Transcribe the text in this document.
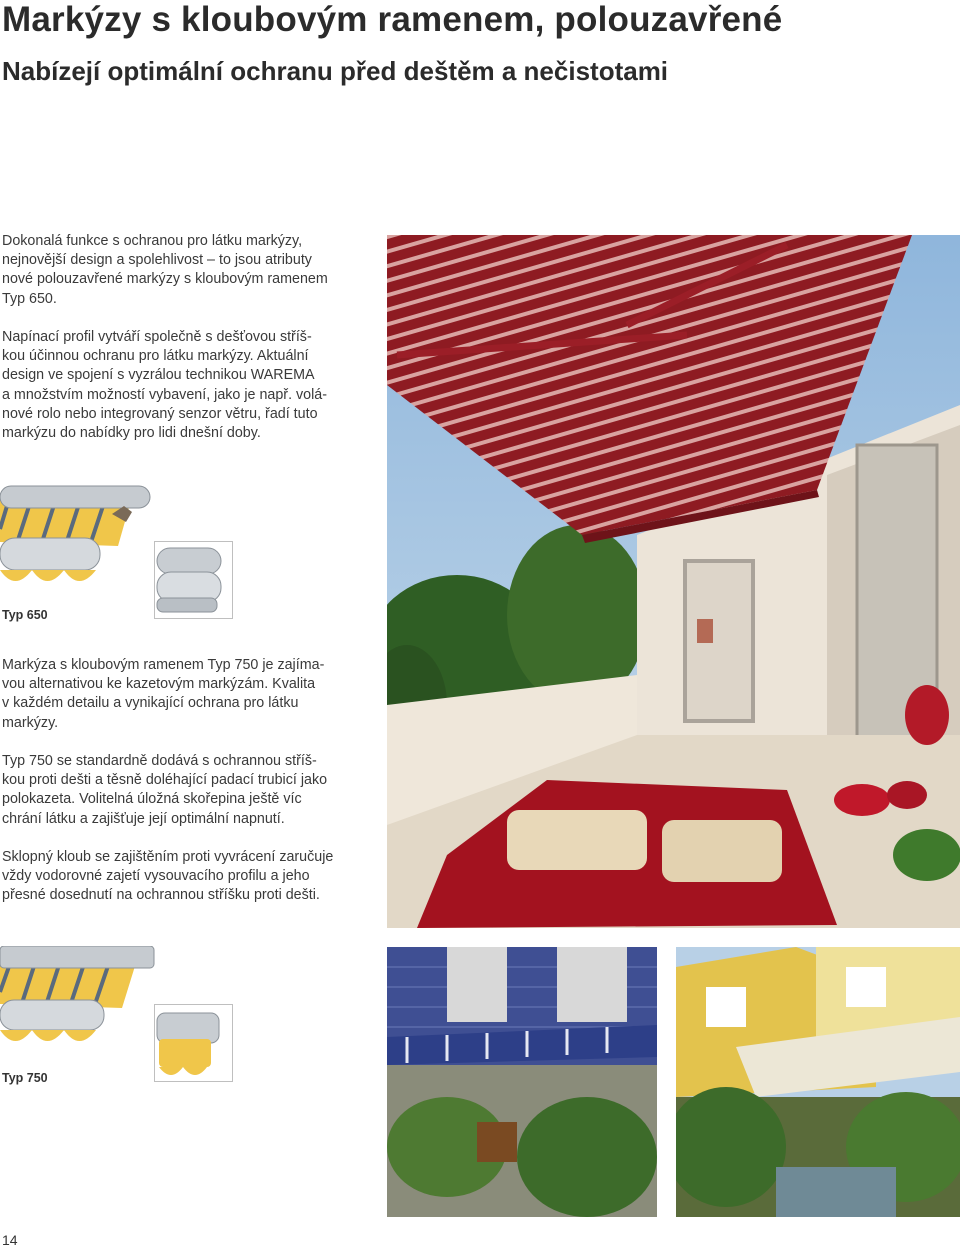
Markýzy s kloubovým ramenem, polouzavřené
Nabízejí optimální ochranu před deštěm a nečistotami

Dokonalá funkce s ochranou pro látku markýzy,
nejnovější design a spolehlivost – to jsou atributy
nové polouzavřené markýzy s kloubovým ramenem
Typ 650.

Napínací profil vytváří společně s dešťovou stříš-
kou účinnou ochranu pro látku markýzy. Aktuální
design ve spojení s vyzrálou technikou WAREMA
a množstvím možností vybavení, jako je např. volá-
nové rolo nebo integrovaný senzor větru, řadí tuto
markýzu do nabídky pro lidi dnešní doby.

Typ 650

Markýza s kloubovým ramenem Typ 750 je zajíma-
vou alternativou ke kazetovým markýzám. Kvalita
v každém detailu a vynikající ochrana pro látku
markýzy.

Typ 750 se standardně dodává s ochrannou stříš-
kou proti dešti a těsně doléhající padací trubicí jako
polokazeta. Volitelná úložná skořepina ještě víc
chrání látku a zajišťuje její optimální napnutí.

Sklopný kloub se zajištěním proti vyvrácení zaručuje
vždy vodorovné zajetí vysouvacího profilu a jeho
přesné dosednutí na ochrannou stříšku proti dešti.

Typ 750
14
